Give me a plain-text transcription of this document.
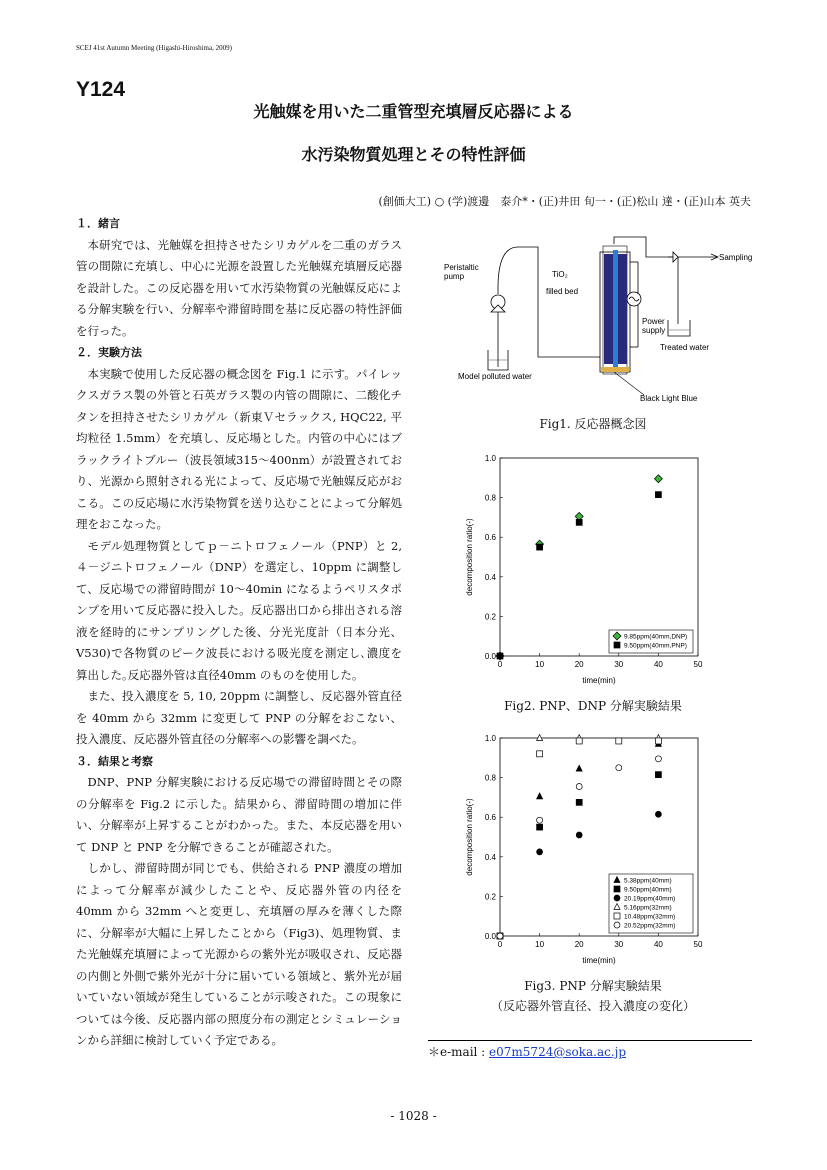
SCEJ 41st Autumn Meeting (Higashi-Hiroshima, 2009)
Y124
光触媒を用いた二重管型充填層反応器による
水汚染物質処理とその特性評価
(創価大工) ○ (学)渡邊　泰介*・(正)井田 旬一・(正)松山 達・(正)山本 英夫
１．緒言

本研究では、光触媒を担持させたシリカゲルを二重のガラス管の間隙に充填し、中心に光源を設置した光触媒充填層反応器を設計した。この反応器を用いて水汚染物質の光触媒反応による分解実験を行い、分解率や滞留時間を基に反応器の特性評価を行った。

２．実験方法

本実験で使用した反応器の概念図を Fig.1 に示す。パイレックスガラス製の外管と石英ガラス製の内管の間隙に、二酸化チタンを担持させたシリカゲル（新東Ｖセラックス, HQC22, 平均粒径 1.5mm）を充填し、反応場とした。内管の中心にはブラックライトブルー（波長領域315〜400nm）が設置されており、光源から照射される光によって、反応場で光触媒反応がおこる。この反応場に水汚染物質を送り込むことによって分解処理をおこなった。

モデル処理物質としてｐ－ニトロフェノール（PNP）と 2, ４－ジニトロフェノール（DNP）を選定し、10ppm に調整して、反応場での滞留時間が 10～40min になるようペリスタポンプを用いて反応器に投入した。反応器出口から排出される溶液を経時的にサンプリングした後、分光光度計（日本分光、V530)で各物質のピーク波長における吸光度を測定し､濃度を算出した｡反応器外管は直径40mm のものを使用した。

また、投入濃度を 5, 10, 20ppm に調整し、反応器外管直径を 40mm から 32mm に変更して PNP の分解をおこない、投入濃度、反応器外管直径の分解率への影響を調べた。

３．結果と考察

DNP、PNP 分解実験における反応場での滞留時間とその際の分解率を Fig.2 に示した。結果から、滞留時間の増加に伴い、分解率が上昇することがわかった。また、本反応器を用いて DNP と PNP を分解できることが確認された。

しかし、滞留時間が同じでも、供給される PNP 濃度の増加によって分解率が減少したことや、反応器外管の内径を 40mm から 32mm へと変更し、充填層の厚みを薄くした際に、分解率が大幅に上昇したことから（Fig3)、処理物質、また光触媒充填層によって光源からの紫外光が吸収され、反応器の内側と外側で紫外光が十分に届いている領域と、紫外光が届いていない領域が発生していることが示唆された。この現象については今後、反応器内部の照度分布の測定とシミュレーションから詳細に検討していく予定である。

Peristaltic
pump	TiO₂
filled bed
Sampling
Power
supply
Treated water
Model polluted water
Black Light Blue
Fig1. 反応器概念図
0	10	20	30	40	50
0.0
0.2
0.4
0.6
0.8
1.0
time(min)
decomposition ratio(-)
9.85ppm(40mm,DNP)
9.50ppm(40mm,PNP)
Fig2. PNP、DNP 分解実験結果
0	10	20	30	40	50
0.0
0.2
0.4
0.6
0.8
1.0
time(min)
decomposition ratio(-)
5.38ppm(40mm)
9.50ppm(40mm)
20.19ppm(40mm)
5.16ppm(32mm)
10.48ppm(32mm)
20.52ppm(32mm)
Fig3. PNP 分解実験結果
（反応器外管直径、投入濃度の変化）
＊e-mail : e07m5724@soka.ac.jp
- 1028 -
